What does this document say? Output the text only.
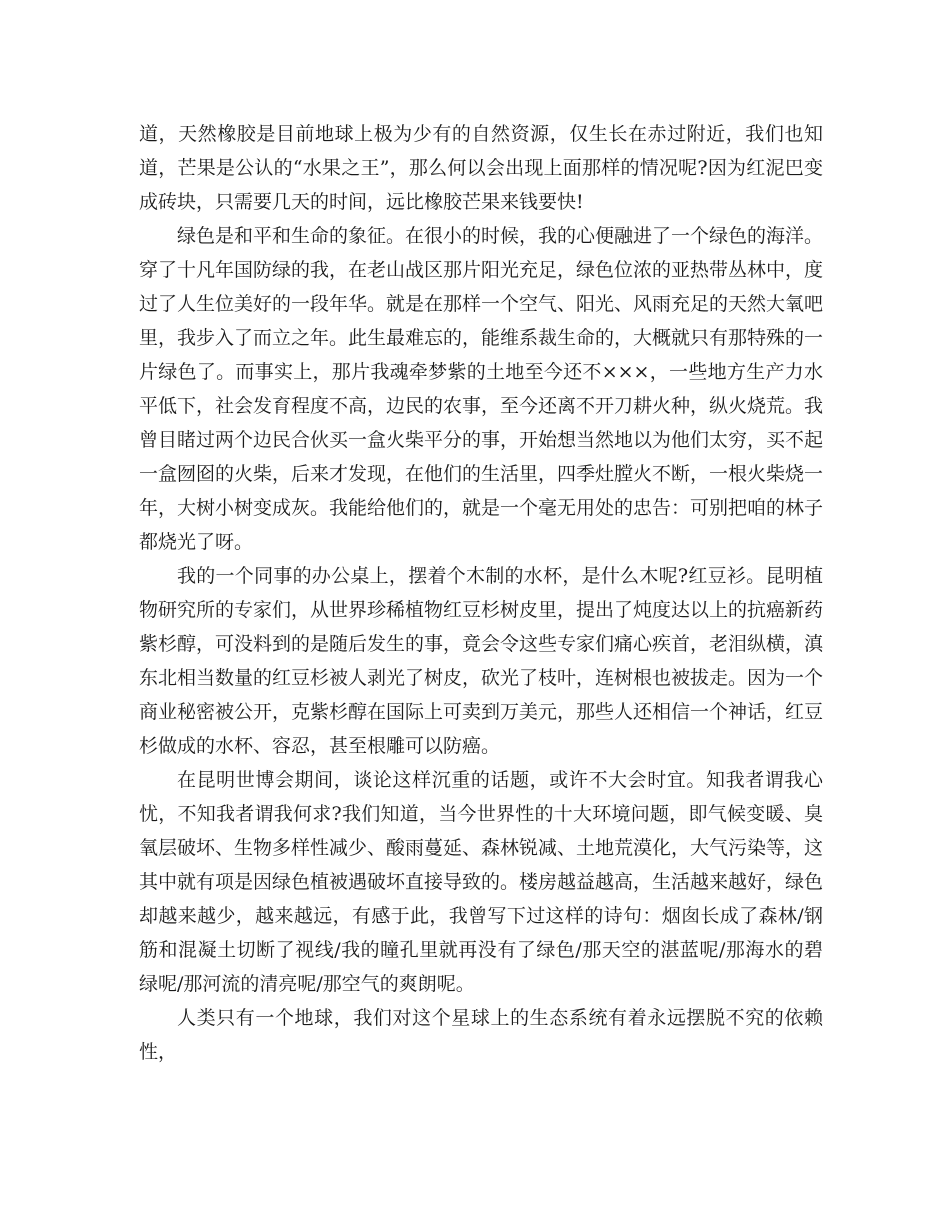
道，天然橡胶是目前地球上极为少有的自然资源，仅生长在赤过附近，我们也知道，芒果是公认的“水果之王”，那么何以会出现上面那样的情况呢?因为红泥巴变成砖块，只需要几天的时间，远比橡胶芒果来钱要快!

绿色是和平和生命的象征。在很小的时候，我的心便融进了一个绿色的海洋。穿了十凡年国防绿的我，在老山战区那片阳光充足，绿色位浓的亚热带丛林中，度过了人生位美好的一段年华。就是在那样一个空气、阳光、风雨充足的天然大氧吧里，我步入了而立之年。此生最难忘的，能维系裁生命的，大概就只有那特殊的一片绿色了。而事实上，那片我魂牵梦紫的土地至今还不×××，一些地方生产力水平低下，社会发育程度不高，边民的农事，至今还离不开刀耕火种，纵火烧荒。我曾目睹过两个边民合伙买一盒火柴平分的事，开始想当然地以为他们太穷，买不起一盒囫囵的火柴，后来才发现，在他们的生活里，四季灶膛火不断，一根火柴烧一年，大树小树变成灰。我能给他们的，就是一个毫无用处的忠告：可别把咱的林子都烧光了呀。

我的一个同事的办公桌上，摆着个木制的水杯，是什么木呢?红豆衫。昆明植物研究所的专家们，从世界珍稀植物红豆杉树皮里，提出了炖度达以上的抗癌新药紫杉醇，可没料到的是随后发生的事，竟会令这些专家们痛心疾首，老泪纵横，滇东北相当数量的红豆杉被人剥光了树皮，砍光了枝叶，连树根也被拔走。因为一个商业秘密被公开，克紫杉醇在国际上可卖到万美元，那些人还相信一个神话，红豆杉做成的水杯、容忍，甚至根雕可以防癌。

在昆明世博会期间，谈论这样沉重的话题，或许不大会时宜。知我者谓我心忧，不知我者谓我何求?我们知道，当今世界性的十大环境问题，即气候变暖、臭氧层破坏、生物多样性减少、酸雨蔓延、森林锐减、土地荒漠化，大气污染等，这其中就有项是因绿色植被遇破坏直接导致的。楼房越益越高，生活越来越好，绿色却越来越少，越来越远，有感于此，我曾写下过这样的诗句：烟囱长成了森林/钢筋和混凝土切断了视线/我的瞳孔里就再没有了绿色/那天空的湛蓝呢/那海水的碧绿呢/那河流的清亮呢/那空气的爽朗呢。

人类只有一个地球，我们对这个星球上的生态系统有着永远摆脱不究的依赖性，
